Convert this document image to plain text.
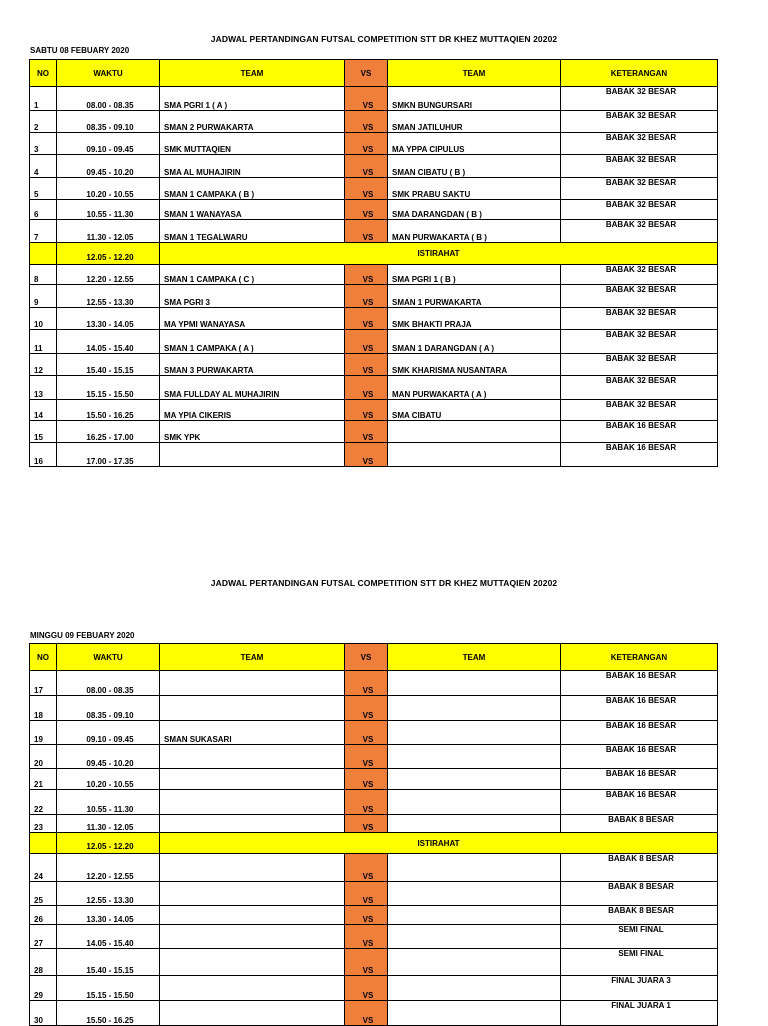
JADWAL PERTANDINGAN FUTSAL COMPETITION STT DR KHEZ MUTTAQIEN 20202
SABTU 08 FEBUARY 2020
NO	WAKTU	TEAM	VS	TEAM	KETERANGAN
1	08.00 - 08.35	SMA PGRI 1 ( A )	VS	SMKN BUNGURSARI	BABAK 32 BESAR
2	08.35 - 09.10	SMAN 2 PURWAKARTA	VS	SMAN JATILUHUR	BABAK 32 BESAR
3	09.10 - 09.45	SMK MUTTAQIEN	VS	MA YPPA CIPULUS	BABAK 32 BESAR
4	09.45 - 10.20	SMA AL MUHAJIRIN	VS	SMAN CIBATU ( B )	BABAK 32 BESAR
5	10.20 - 10.55	SMAN 1 CAMPAKA ( B )	VS	SMK PRABU SAKTU	BABAK 32 BESAR
6	10.55 - 11.30	SMAN 1 WANAYASA	VS	SMA DARANGDAN ( B )	BABAK 32 BESAR
7	11.30 - 12.05	SMAN 1 TEGALWARU	VS	MAN PURWAKARTA ( B )	BABAK 32 BESAR
	12.05 - 12.20	ISTIRAHAT			
8	12.20 - 12.55	SMAN 1 CAMPAKA ( C )	VS	SMA PGRI 1 ( B )	BABAK 32 BESAR
9	12.55 - 13.30	SMA PGRI 3	VS	SMAN 1 PURWAKARTA	BABAK 32 BESAR
10	13.30 - 14.05	MA YPMI WANAYASA	VS	SMK BHAKTI PRAJA	BABAK 32 BESAR
11	14.05 - 15.40	SMAN 1 CAMPAKA ( A )	VS	SMAN 1 DARANGDAN ( A )	BABAK 32 BESAR
12	15.40 - 15.15	SMAN 3 PURWAKARTA	VS	SMK KHARISMA NUSANTARA	BABAK 32 BESAR
13	15.15 - 15.50	SMA FULLDAY AL MUHAJIRIN	VS	MAN PURWAKARTA ( A )	BABAK 32 BESAR
14	15.50 - 16.25	MA YPIA CIKERIS	VS	SMA CIBATU	BABAK 32 BESAR
15	16.25 - 17.00	SMK YPK	VS		BABAK 16 BESAR
16	17.00 - 17.35		VS		BABAK 16 BESAR
JADWAL PERTANDINGAN FUTSAL COMPETITION STT DR KHEZ MUTTAQIEN 20202
MINGGU 09 FEBUARY 2020
NO	WAKTU	TEAM	VS	TEAM	KETERANGAN
17	08.00 - 08.35		VS		BABAK 16 BESAR
18	08.35 - 09.10		VS		BABAK 16 BESAR
19	09.10 - 09.45	SMAN SUKASARI	VS		BABAK 16 BESAR
20	09.45 - 10.20		VS		BABAK 16 BESAR
21	10.20 - 10.55		VS		BABAK 16 BESAR
22	10.55 - 11.30		VS		BABAK 16 BESAR
23	11.30 - 12.05		VS		BABAK 8 BESAR
	12.05 - 12.20	ISTIRAHAT			
24	12.20 - 12.55		VS		BABAK 8 BESAR
25	12.55 - 13.30		VS		BABAK 8 BESAR
26	13.30 - 14.05		VS		BABAK 8 BESAR
27	14.05 - 15.40		VS		SEMI FINAL
28	15.40 - 15.15		VS		SEMI FINAL
29	15.15 - 15.50		VS		FINAL JUARA 3
30	15.50 - 16.25		VS		FINAL JUARA 1
